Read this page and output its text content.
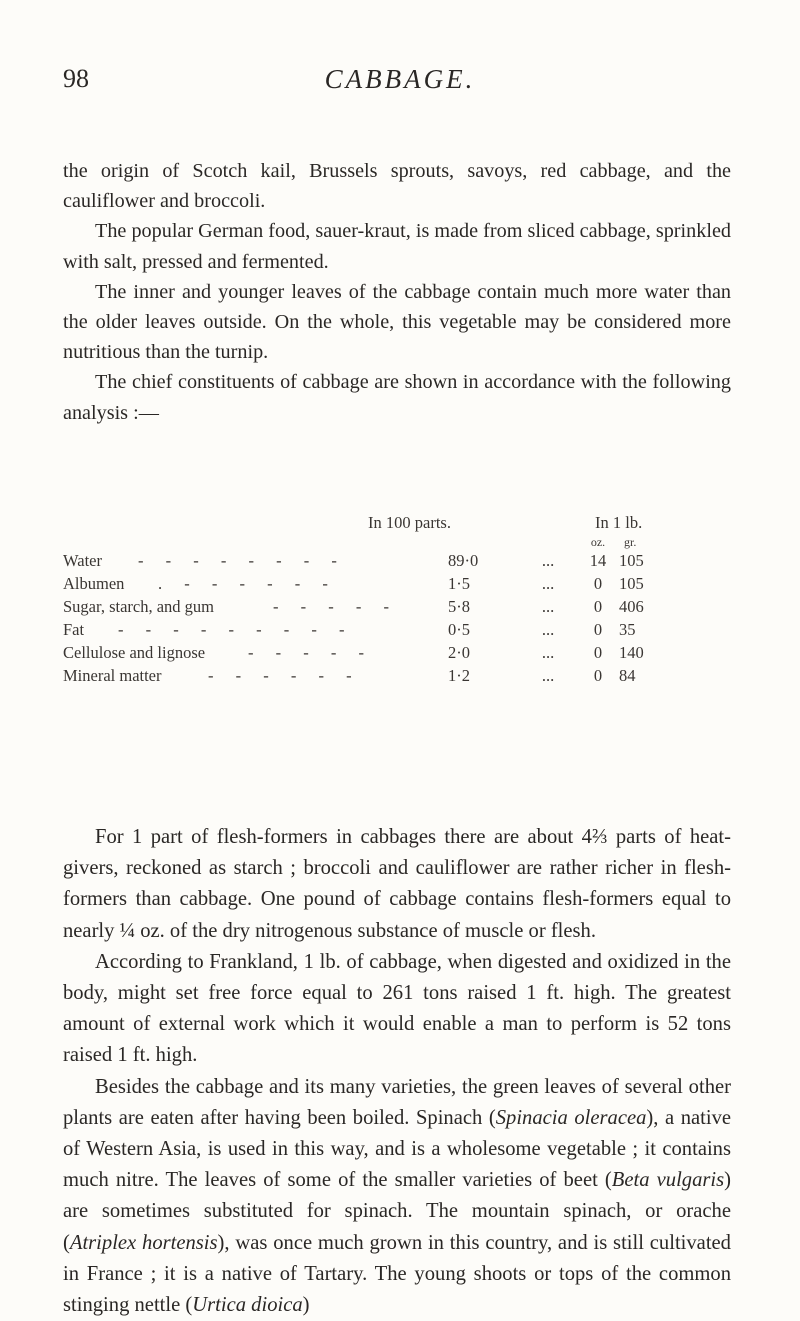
98	CABBAGE.

the origin of Scotch kail, Brussels sprouts, savoys, red cabbage, and the cauliflower and broccoli.

The popular German food, sauer-kraut, is made from sliced cabbage, sprinkled with salt, pressed and fermented.

The inner and younger leaves of the cabbage contain much more water than the older leaves outside. On the whole, this vegetable may be considered more nutritious than the turnip.

The chief constituents of cabbage are shown in accordance with the following analysis :—

In 100 parts.	In 1 lb.
oz.	gr.
Water - - - - - - - -	89·0	...	14 105
Albumen . - - - - - -	1·5	...	0	105
Sugar, starch, and gum	- - - - -	5·8	...	0	406
Fat - - - - - - - - -	0·5	...	0	35
Cellulose and lignose	- - - - -	2·0	...	0	140
Mineral matter	- - - - - -	1·2	...	0	84

For 1 part of flesh-formers in cabbages there are about 4⅔ parts of heat-givers, reckoned as starch ; broccoli and cauliflower are rather richer in flesh-formers than cabbage. One pound of cabbage contains flesh-formers equal to nearly ¼ oz. of the dry nitrogenous substance of muscle or flesh.

According to Frankland, 1 lb. of cabbage, when digested and oxidized in the body, might set free force equal to 261 tons raised 1 ft. high. The greatest amount of external work which it would enable a man to perform is 52 tons raised 1 ft. high.

Besides the cabbage and its many varieties, the green leaves of several other plants are eaten after having been boiled. Spinach (Spinacia oleracea), a native of Western Asia, is used in this way, and is a wholesome vegetable ; it contains much nitre. The leaves of some of the smaller varieties of beet (Beta vulgaris) are sometimes substituted for spinach. The mountain spinach, or orache (Atriplex hortensis), was once much grown in this country, and is still cultivated in France ; it is a native of Tartary. The young shoots or tops of the common stinging nettle (Urtica dioica)
